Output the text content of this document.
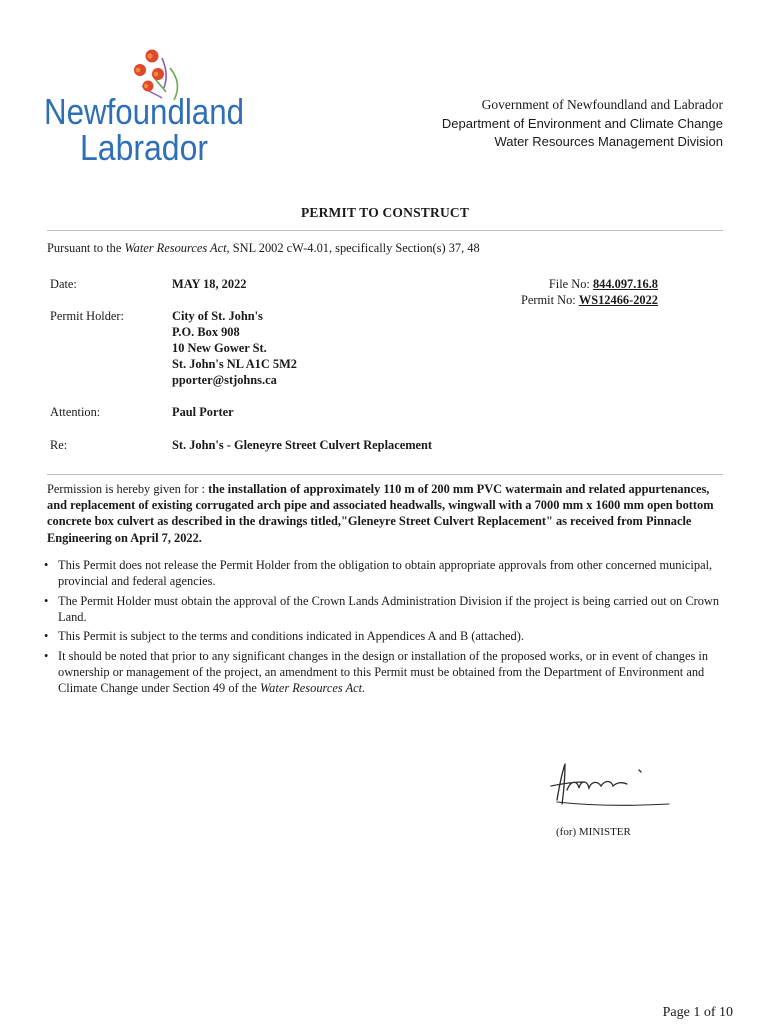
Newfoundland
Labrador
Government of Newfoundland and Labrador
Department of Environment and Climate Change
Water Resources Management Division
PERMIT TO CONSTRUCT
Pursuant to the Water Resources Act, SNL 2002 cW-4.01, specifically Section(s) 37, 48
Date:	MAY 18, 2022	File No: 844.097.16.8
Permit No: WS12466-2022
Permit Holder:	City of St. John's
P.O. Box 908
10 New Gower St.
St. John's NL A1C 5M2
pporter@stjohns.ca
Attention:	Paul Porter
Re:	St. John's - Gleneyre Street Culvert Replacement
Permission is hereby given for : the installation of approximately 110 m of 200 mm PVC watermain and related appurtenances, and replacement of existing corrugated arch pipe and associated headwalls, wingwall with a 7000 mm x 1600 mm open bottom concrete box culvert as described in the drawings titled,"Gleneyre Street Culvert Replacement" as received from Pinnacle Engineering on April 7, 2022.
• This Permit does not release the Permit Holder from the obligation to obtain appropriate approvals from other concerned municipal, provincial and federal agencies.
• The Permit Holder must obtain the approval of the Crown Lands Administration Division if the project is being carried out on Crown Land.
• This Permit is subject to the terms and conditions indicated in Appendices A and B (attached).
• It should be noted that prior to any significant changes in the design or installation of the proposed works, or in event of changes in ownership or management of the project, an amendment to this Permit must be obtained from the Department of Environment and Climate Change under Section 49 of the Water Resources Act.
(for) MINISTER
Page 1 of 10
